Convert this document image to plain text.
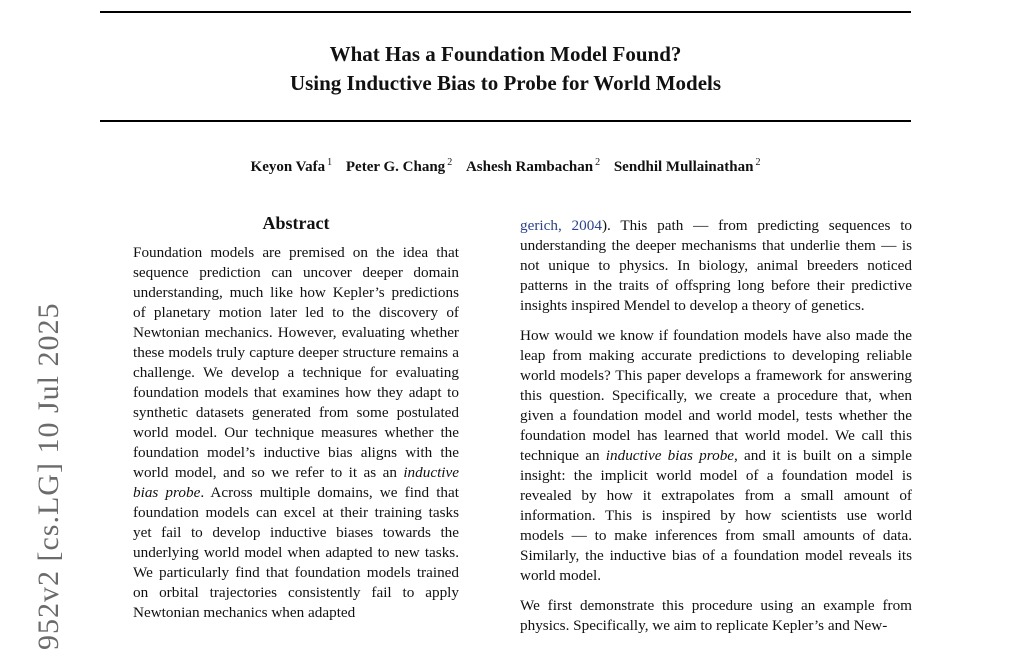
What Has a Foundation Model Found?
Using Inductive Bias to Probe for World Models
Keyon Vafa $^1$ Peter G. Chang $^2$ Ashesh Rambachan $^2$ Sendhil Mullainathan $^2$
952v2 [cs.LG] 10 Jul 2025
Abstract

Foundation models are premised on the idea that sequence prediction can uncover deeper domain understanding, much like how Kepler’s predictions of planetary motion later led to the discovery of Newtonian mechanics. However, evaluating whether these models truly capture deeper structure remains a challenge. We develop a technique for evaluating foundation models that examines how they adapt to synthetic datasets generated from some postulated world model. Our technique measures whether the foundation model’s inductive bias aligns with the world model, and so we refer to it as an inductive bias probe. Across multiple domains, we find that foundation models can excel at their training tasks yet fail to develop inductive biases towards the underlying world model when adapted to new tasks. We particularly find that foundation models trained on orbital trajectories consistently fail to apply Newtonian mechanics when adapted

gerich, 2004). This path — from predicting sequences to understanding the deeper mechanisms that underlie them — is not unique to physics. In biology, animal breeders noticed patterns in the traits of offspring long before their predictive insights inspired Mendel to develop a theory of genetics.

How would we know if foundation models have also made the leap from making accurate predictions to developing reliable world models? This paper develops a framework for answering this question. Specifically, we create a procedure that, when given a foundation model and world model, tests whether the foundation model has learned that world model. We call this technique an inductive bias probe, and it is built on a simple insight: the implicit world model of a foundation model is revealed by how it extrapolates from a small amount of information. This is inspired by how scientists use world models — to make inferences from small amounts of data. Similarly, the inductive bias of a foundation model reveals its world model.

We first demonstrate this procedure using an example from physics. Specifically, we aim to replicate Kepler’s and New-
